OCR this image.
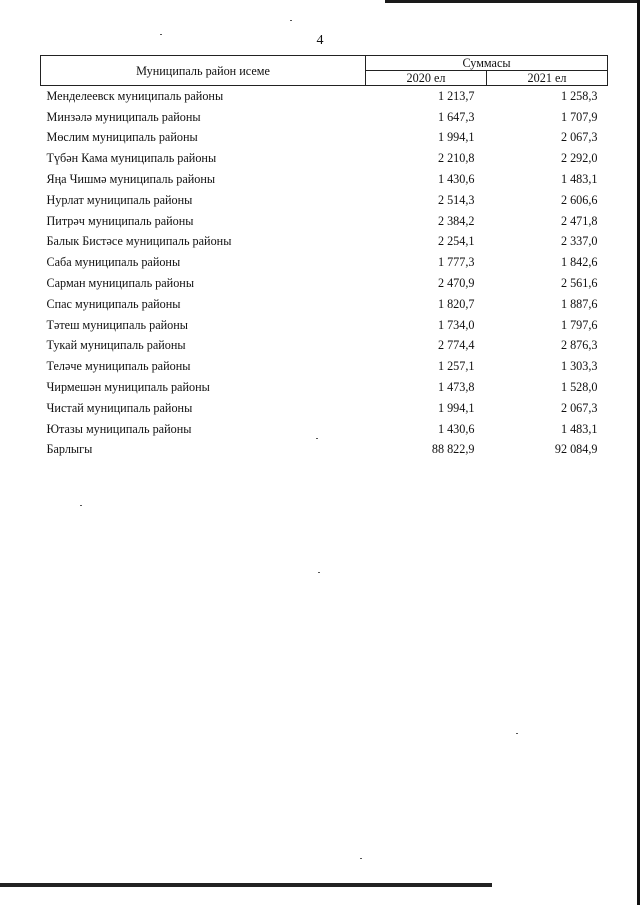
4
Муниципаль район исеме	Суммасы	
	2020 ел	2021 ел
Менделеевск муниципаль районы	1 213,7	1 258,3
Минзәлә муниципаль районы	1 647,3	1 707,9
Мөслим муниципаль районы	1 994,1	2 067,3
Түбән Кама муниципаль районы	2 210,8	2 292,0
Яңа Чишмә муниципаль районы	1 430,6	1 483,1
Нурлат муниципаль районы	2 514,3	2 606,6
Питрәч муниципаль районы	2 384,2	2 471,8
Балык Бистәсе муниципаль районы	2 254,1	2 337,0
Саба муниципаль районы	1 777,3	1 842,6
Сарман муниципаль районы	2 470,9	2 561,6
Спас муниципаль районы	1 820,7	1 887,6
Тәтеш муниципаль районы	1 734,0	1 797,6
Тукай муниципаль районы	2 774,4	2 876,3
Теләче муниципаль районы	1 257,1	1 303,3
Чирмешән муниципаль районы	1 473,8	1 528,0
Чистай муниципаль районы	1 994,1	2 067,3
Ютазы муниципаль районы	1 430,6	1 483,1
Барлыгы	88 822,9	92 084,9
